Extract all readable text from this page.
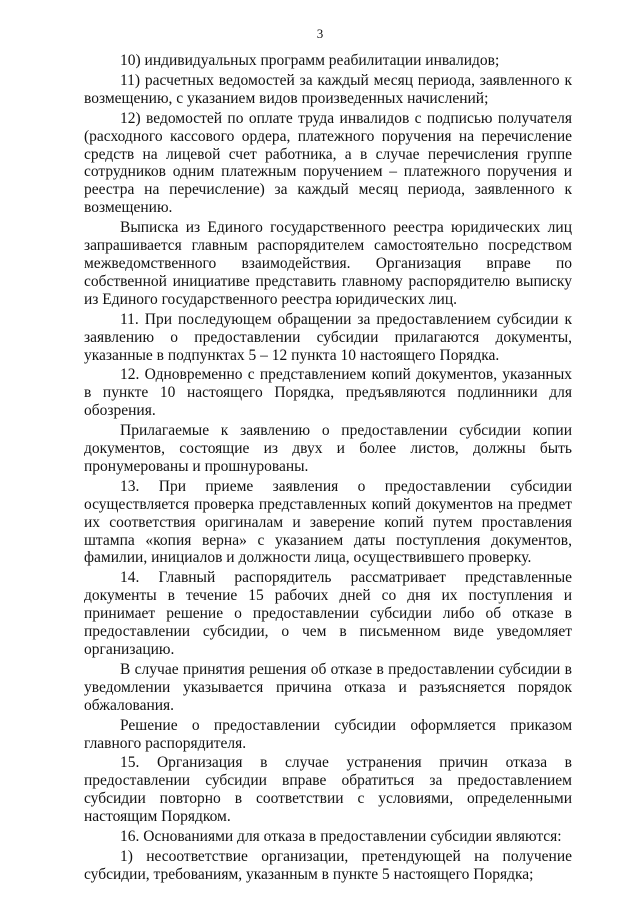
3

10) индивидуальных программ реабилитации инвалидов;

11) расчетных ведомостей за каждый месяц периода, заявленного к возмещению, с указанием видов произведенных начислений;

12) ведомостей по оплате труда инвалидов с подписью получателя (расходного кассового ордера, платежного поручения на перечисление средств на лицевой счет работника, а в случае перечисления группе сотрудников одним платежным поручением – платежного поручения и реестра на перечисление) за каждый месяц периода, заявленного к возмещению.

Выписка из Единого государственного реестра юридических лиц запрашивается главным распорядителем самостоятельно посредством межведомственного взаимодействия. Организация вправе по собственной инициативе представить главному распорядителю выписку из Единого государственного реестра юридических лиц.

11. При последующем обращении за предоставлением субсидии к заявлению о предоставлении субсидии прилагаются документы, указанные в подпунктах 5 – 12 пункта 10 настоящего Порядка.

12. Одновременно с представлением копий документов, указанных в пункте 10 настоящего Порядка, предъявляются подлинники для обозрения.

Прилагаемые к заявлению о предоставлении субсидии копии документов, состоящие из двух и более листов, должны быть пронумерованы и прошнурованы.

13. При приеме заявления о предоставлении субсидии осуществляется проверка представленных копий документов на предмет их соответствия оригиналам и заверение копий путем проставления штампа «копия верна» с указанием даты поступления документов, фамилии, инициалов и должности лица, осуществившего проверку.

14. Главный распорядитель рассматривает представленные документы в течение 15 рабочих дней со дня их поступления и принимает решение о предоставлении субсидии либо об отказе в предоставлении субсидии, о чем в письменном виде уведомляет организацию.

В случае принятия решения об отказе в предоставлении субсидии в уведомлении указывается причина отказа и разъясняется порядок обжалования.

Решение о предоставлении субсидии оформляется приказом главного распорядителя.

15. Организация в случае устранения причин отказа в предоставлении субсидии вправе обратиться за предоставлением субсидии повторно в соответствии с условиями, определенными настоящим Порядком.

16. Основаниями для отказа в предоставлении субсидии являются:

1) несоответствие организации, претендующей на получение субсидии, требованиям, указанным в пункте 5 настоящего Порядка;
